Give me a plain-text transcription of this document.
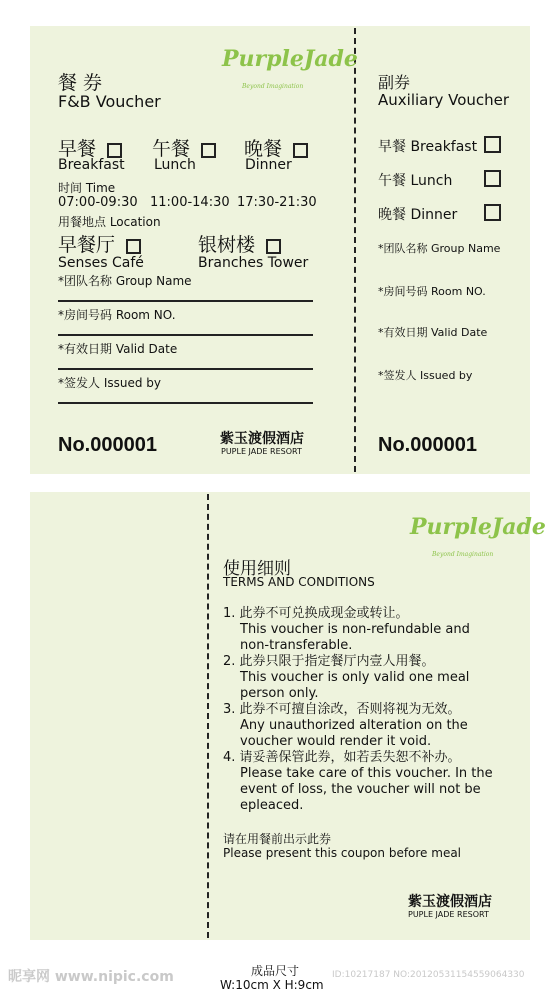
PurpleJade
Beyond Imagination
餐 券
F&B Voucher
早餐
Breakfast
午餐
Lunch
晚餐
Dinner
时间 Time
07:00-09:30 11:00-14:30 17:30-21:30
用餐地点 Location
早餐厅
Senses Café
银树楼
Branches Tower
*团队名称 Group Name
*房间号码 Room NO.
*有效日期 Valid Date
*签发人 Issued by
No.000001	紫玉渡假酒店
PUPLE JADE RESORT
副券
Auxiliary Voucher
早餐 Breakfast
午餐 Lunch
晚餐 Dinner
*团队名称 Group Name
*房间号码 Room NO.
*有效日期 Valid Date
*签发人 Issued by
No.000001
PurpleJade
Beyond Imagination
使用细则
TERMS AND CONDITIONS
1. 此券不可兑换成现金或转让。
This voucher is non-refundable and
non-transferable.
2. 此券只限于指定餐厅内壹人用餐。
This voucher is only valid one meal
person only.
3. 此券不可擅自涂改，否则将视为无效。
Any unauthorized alteration on the
voucher would render it void.
4. 请妥善保管此券，如若丢失恕不补办。
Please take care of this voucher. In the
event of loss, the voucher will not be
epleaced.
请在用餐前出示此券
Please present this coupon before meal
紫玉渡假酒店
PUPLE JADE RESORT
成品尺寸
W:10cm X H:9cm
昵享网 www.nipic.com	ID:10217187 NO:20120531154559064330
